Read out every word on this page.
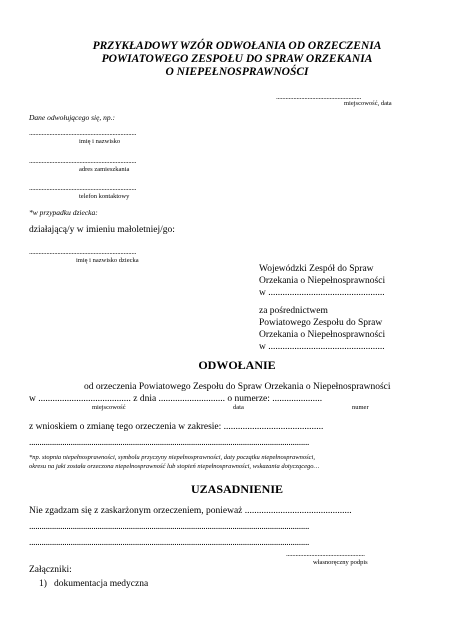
PRZYKŁADOWY WZÓR ODWOŁANIA OD ORZECZENIA
POWIATOWEGO ZESPOŁU DO SPRAW ORZEKANIA
O NIEPEŁNOSPRAWNOŚCI
......................................................
miejscowość, data
Dane odwołującego się, np.:
....................................................................
imię i nazwisko
....................................................................
adres zamieszkania
....................................................................
telefon kontaktowy
*w przypadku dziecka:
działającą/y w imieniu małoletniej/go:
....................................................................
imię i nazwisko dziecka
Wojewódzki Zespół do Spraw
Orzekania o Niepełnosprawności
w .................................................
za pośrednictwem
Powiatowego Zespołu do Spraw
Orzekania o Niepełnosprawności
w .................................................
ODWOŁANIE
od orzeczenia Powiatowego Zespołu do Spraw Orzekania o Niepełnosprawności
w ....................................... z dnia ............................ o numerze: .....................
miejscowość	data	numer
z wnioskiem o zmianę tego orzeczenia w zakresie: ..........................................
.......................................................................................................................................
*np. stopnia niepełnosprawności, symbolu przyczyny niepełnosprawności, daty początku niepełnosprawności,
okresu na jaki została orzeczona niepełnosprawność lub stopień niepełnosprawności, wskazania dotyczącego…
UZASADNIENIE
Nie zgadzam się z zaskarżonym orzeczeniem, ponieważ .............................................
.......................................................................................................................................
.......................................................................................................................................
..................................................
własnoręczny podpis
Załączniki:
1)   dokumentacja medyczna
